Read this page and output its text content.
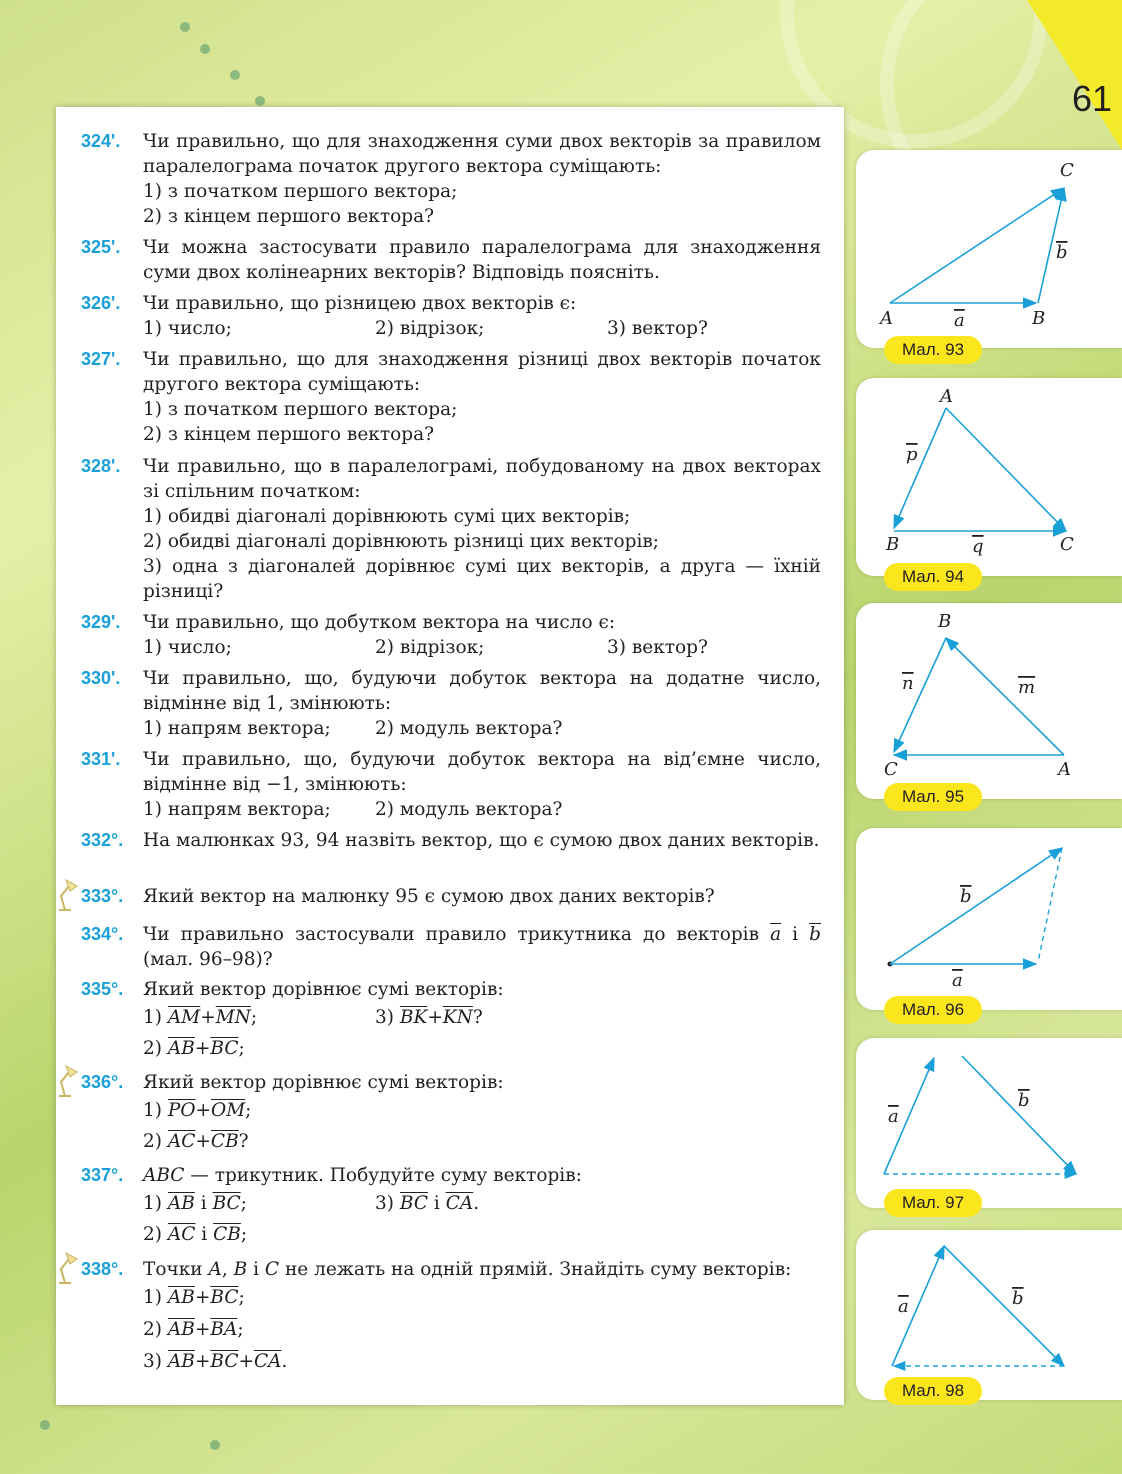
61
324'.	Чи правильно, що для знаходження суми двох векторів за правилом паралелограма початок другого вектора суміщають:
1) з початком першого вектора;
2) з кінцем першого вектора?
325'.	Чи можна застосувати правило паралелограма для знаходження суми двох колінеарних векторів? Відповідь поясніть.
326'.	Чи правильно, що різницею двох векторів є:
1) число;	2) відрізок;	3) вектор?
327'.	Чи правильно, що для знаходження різниці двох векторів початок другого вектора суміщають:
1) з початком першого вектора;
2) з кінцем першого вектора?
328'.	Чи правильно, що в паралелограмі, побудованому на двох векторах зі спільним початком:
1) обидві діагоналі дорівнюють сумі цих векторів;
2) обидві діагоналі дорівнюють різниці цих векторів;
3) одна з діагоналей дорівнює сумі цих векторів, а друга — їхній різниці?
329'.	Чи правильно, що добутком вектора на число є:
1) число;	2) відрізок;	3) вектор?
330'.	Чи правильно, що, будуючи добуток вектора на додатне число, відмінне від 1, змінюють:
1) напрям вектора;	2) модуль вектора?
331'.	Чи правильно, що, будуючи добуток вектора на від’ємне число, відмінне від −1, змінюють:
1) напрям вектора;	2) модуль вектора?
332°.	На малюнках 93, 94 назвіть вектор, що є сумою двох даних векторів.
333°.	Який вектор на малюнку 95 є сумою двох даних векторів?
334°.	Чи правильно застосували правило трикутника до векторів $\overline{a}$ і $\overline{b}$ (мал. 96–98)?
335°.	Який вектор дорівнює сумі векторів:
1) $\overline{AM}+\overline{MN}$;	3) $\overline{BK}+\overline{KN}$?
2) $\overline{AB}+\overline{BC}$;
336°.	Який вектор дорівнює сумі векторів:
1) $\overline{PO}+\overline{OM}$;
2) $\overline{AC}+\overline{CB}$?
337°.	ABC — трикутник. Побудуйте суму векторів:
1) $\overline{AB}$ і $\overline{BC}$;	3) $\overline{BC}$ і $\overline{CA}$.
2) $\overline{AC}$ і $\overline{CB}$;
338°.	Точки A, B і C не лежать на одній прямій. Знайдіть суму векторів:
1) $\overline{AB}+\overline{BC}$;
2) $\overline{AB}+\overline{BA}$;
3) $\overline{AB}+\overline{BC}+\overline{CA}$.
A	B
C
a
b
Мал. 93
A
B	C
p
q
Мал. 94
B
C	A
n	m
Мал. 95
b
a
Мал. 96
a
b
Мал. 97
a	b
Мал. 98
